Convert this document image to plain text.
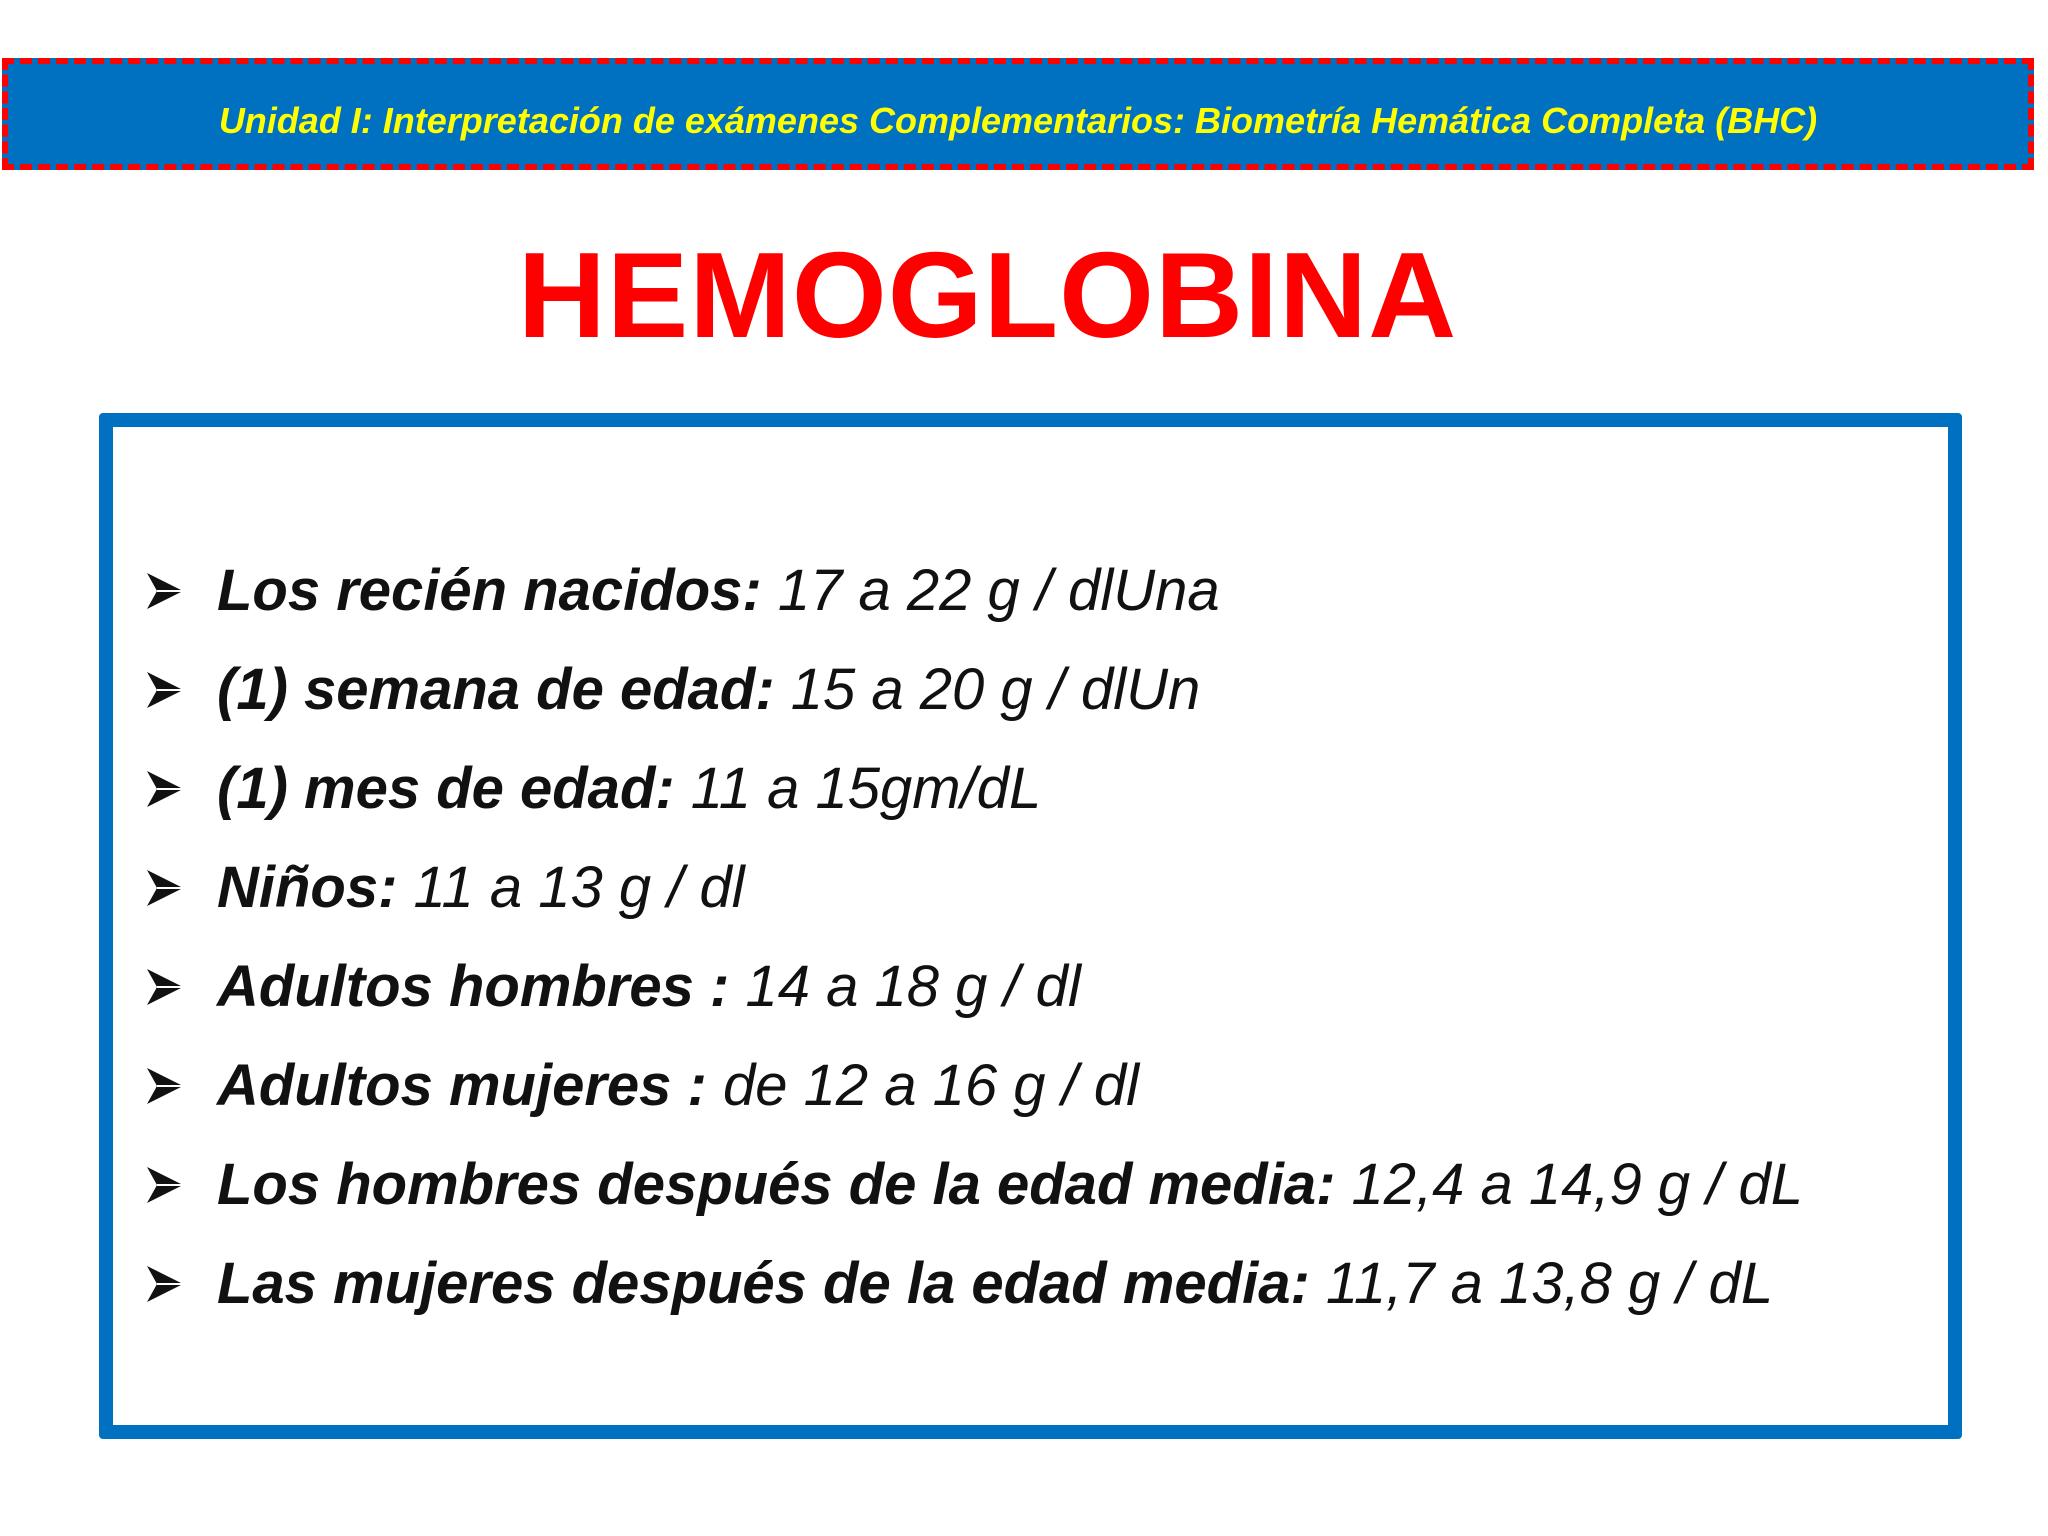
Unidad I: Interpretación de exámenes Complementarios: Biometría Hemática Completa (BHC)
HEMOGLOBINA
Los recién nacidos: 17 a 22 g / dlUna
(1) semana de edad: 15 a 20 g / dlUn
(1) mes de edad: 11 a 15gm/dL
Niños: 11 a 13 g / dl
Adultos hombres : 14 a 18 g / dl
Adultos mujeres : de 12 a 16 g / dl
Los hombres después de la edad media: 12,4 a 14,9 g / dL
Las mujeres después de la edad media: 11,7 a 13,8 g / dL
